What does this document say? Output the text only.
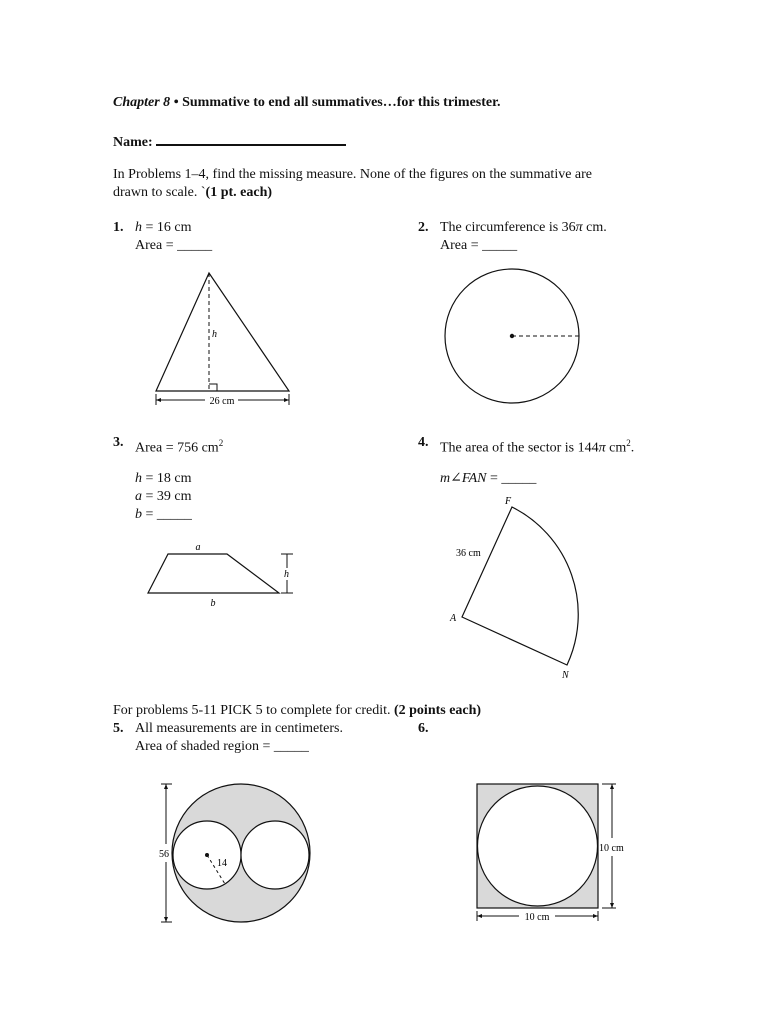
Chapter 8 • Summative to end all summatives…for this trimester.
Name:
In Problems 1–4, find the missing measure. None of the figures on the summative are
drawn to scale. `(1 pt. each)
1. h = 16 cm
Area = _____
h
26 cm
2. The circumference is 36π cm.
Area = _____
3. Area = 756 $cm^2$
h = 18 cm
a = 39 cm
b = _____
a
b
h
4. The area of the sector is 144π $cm^2$.
m∠FAN = _____
F
A
N
36 cm
For problems 5-11 PICK 5 to complete for credit. (2 points each)
5. All measurements are in centimeters.
Area of shaded region = _____
14
56
6.
10 cm
10 cm
